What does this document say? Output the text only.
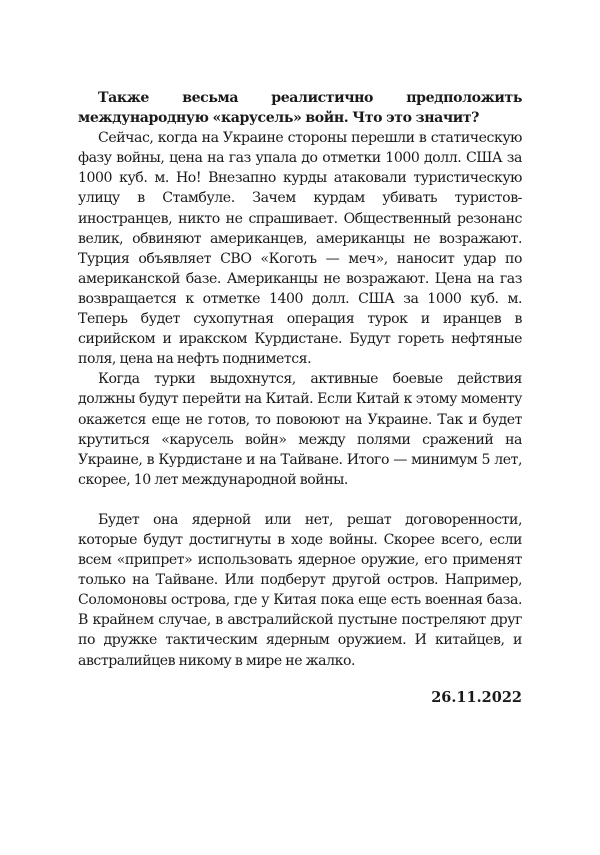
Также весьма реалистично предположить международную «карусель» войн. Что это значит?

Сейчас, когда на Украине стороны перешли в статическую фазу войны, цена на газ упала до отметки 1000 долл. США за 1000 куб. м. Но! Внезапно курды атаковали туристическую улицу в Стамбуле. Зачем курдам убивать туристов-иностранцев, никто не спрашивает. Общественный резонанс велик, обвиняют американцев, американцы не возражают. Турция объявляет СВО «Коготь — меч», наносит удар по американской базе. Американцы не возражают. Цена на газ возвращается к отметке 1400 долл. США за 1000 куб. м. Теперь будет сухопутная операция турок и иранцев в сирийском и иракском Курдистане. Будут гореть нефтяные поля, цена на нефть поднимется.

Когда турки выдохнутся, активные боевые действия должны будут перейти на Китай. Если Китай к этому моменту окажется еще не готов, то повоюют на Украине. Так и будет крутиться «карусель войн» между полями сражений на Украине, в Курдистане и на Тайване. Итого — минимум 5 лет, скорее, 10 лет международной войны.

Будет она ядерной или нет, решат договоренности, которые будут достигнуты в ходе войны. Скорее всего, если всем «припрет» использовать ядерное оружие, его применят только на Тайване. Или подберут другой остров. Например, Соломоновы острова, где у Китая пока еще есть военная база. В крайнем случае, в австралийской пустыне постреляют друг по дружке тактическим ядерным оружием. И китайцев, и австралийцев никому в мире не жалко.

26.11.2022
